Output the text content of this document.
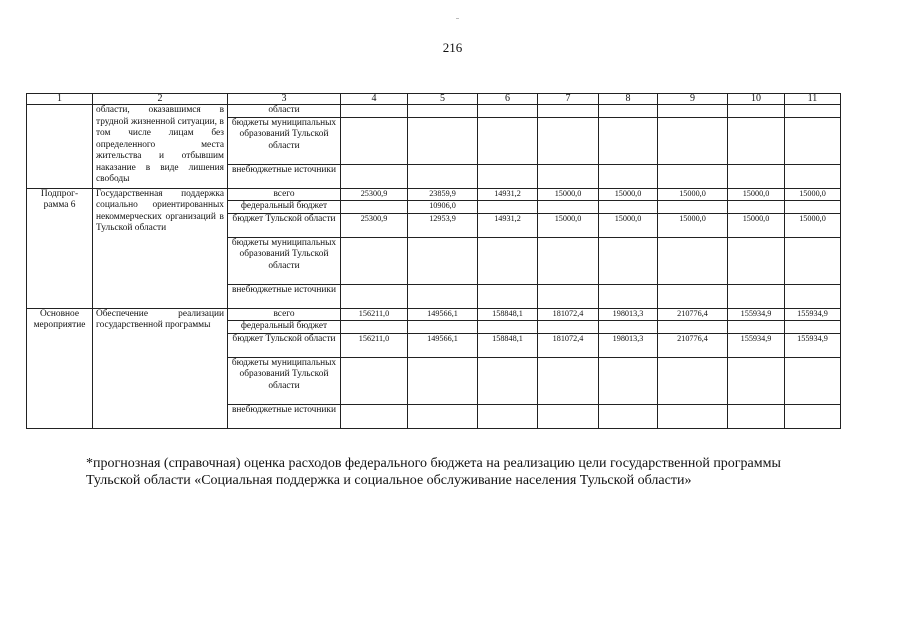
216
1	2	3	4	5	6	7	8	9	10	11
	области, оказавшимся в трудной жизненной ситуации, в том числе лицам без определенного места жительства и отбывшим наказание в виде лишения свободы	области	

		бюджеты муниципальных образований Тульской области	

		внебюджетные источники	

Подпрог-рамма 6	Государственная поддержка социально ориентированных некоммерческих организаций в Тульской области	всего	25300,9	23859,9	14931,2	15000,0	15000,0	15000,0	15000,0	15000,0

		федеральный бюджет		10906,0						

		бюджет Тульской области	25300,9	12953,9	14931,2	15000,0	15000,0	15000,0	15000,0	15000,0

		бюджеты муниципальных образований Тульской области	

		внебюджетные источники	

Основное мероприятие	Обеспечение реализации государственной программы	всего	156211,0	149566,1	158848,1	181072,4	198013,3	210776,4	155934,9	155934,9

		федеральный бюджет	

		бюджет Тульской области	156211,0	149566,1	158848,1	181072,4	198013,3	210776,4	155934,9	155934,9

		бюджеты муниципальных образований Тульской области	

		внебюджетные источники	

*прогнозная (справочная) оценка расходов федерального бюджета на реализацию цели государственной программы
Тульской области «Социальная поддержка и социальное обслуживание населения Тульской области»
